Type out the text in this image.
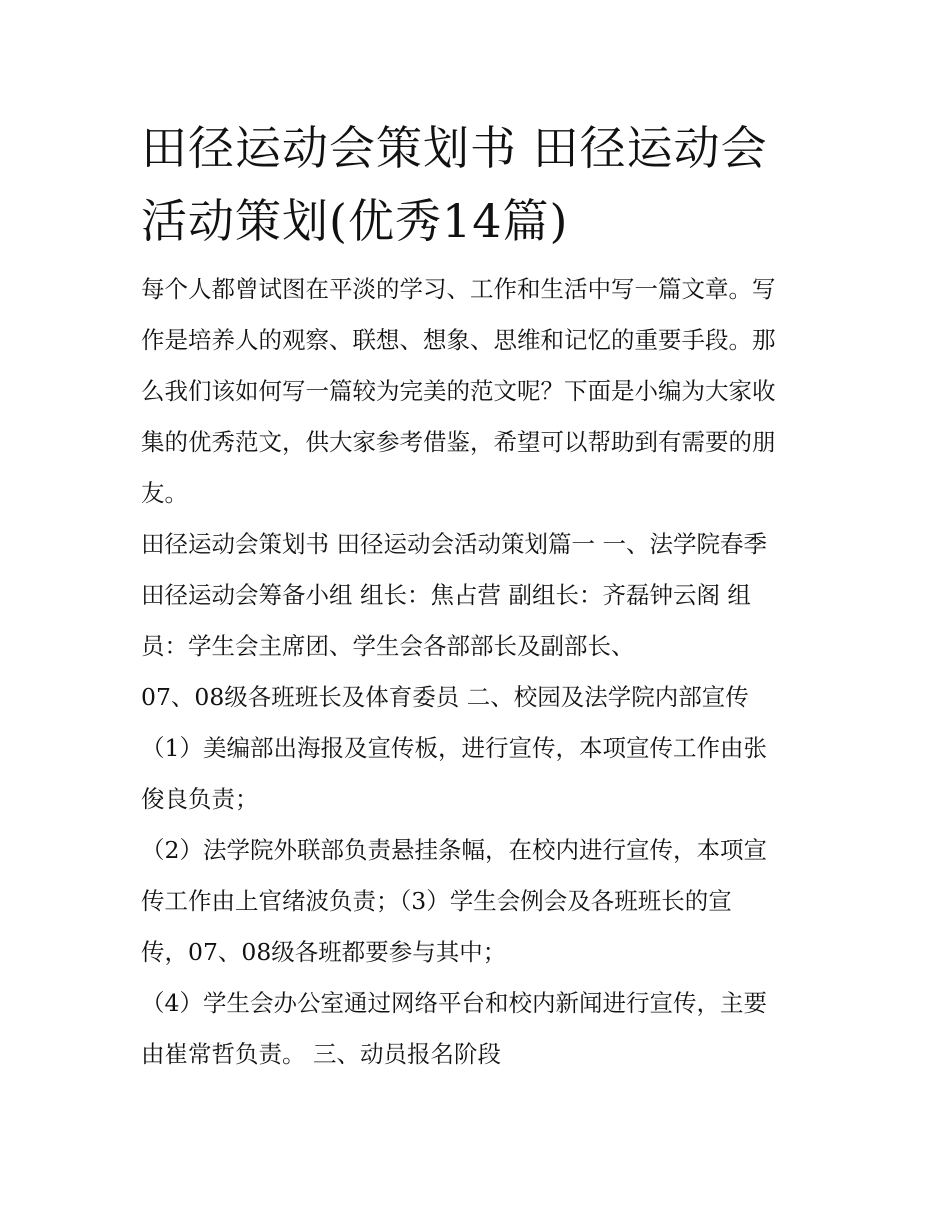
田径运动会策划书 田径运动会
活动策划(优秀14篇)

每个人都曾试图在平淡的学习、工作和生活中写一篇文章。写
作是培养人的观察、联想、想象、思维和记忆的重要手段。那
么我们该如何写一篇较为完美的范文呢？下面是小编为大家收
集的优秀范文，供大家参考借鉴，希望可以帮助到有需要的朋
友。

田径运动会策划书 田径运动会活动策划篇一 一、法学院春季
田径运动会筹备小组 组长：焦占营 副组长：齐磊钟云阁 组
员：学生会主席团、学生会各部部长及副部长、

07、08级各班班长及体育委员 二、校园及法学院内部宣传

（1）美编部出海报及宣传板，进行宣传，本项宣传工作由张
俊良负责；

（2）法学院外联部负责悬挂条幅，在校内进行宣传，本项宣
传工作由上官绪波负责；（3）学生会例会及各班班长的宣
传，07、08级各班都要参与其中；

（4）学生会办公室通过网络平台和校内新闻进行宣传，主要
由崔常哲负责。 三、动员报名阶段
